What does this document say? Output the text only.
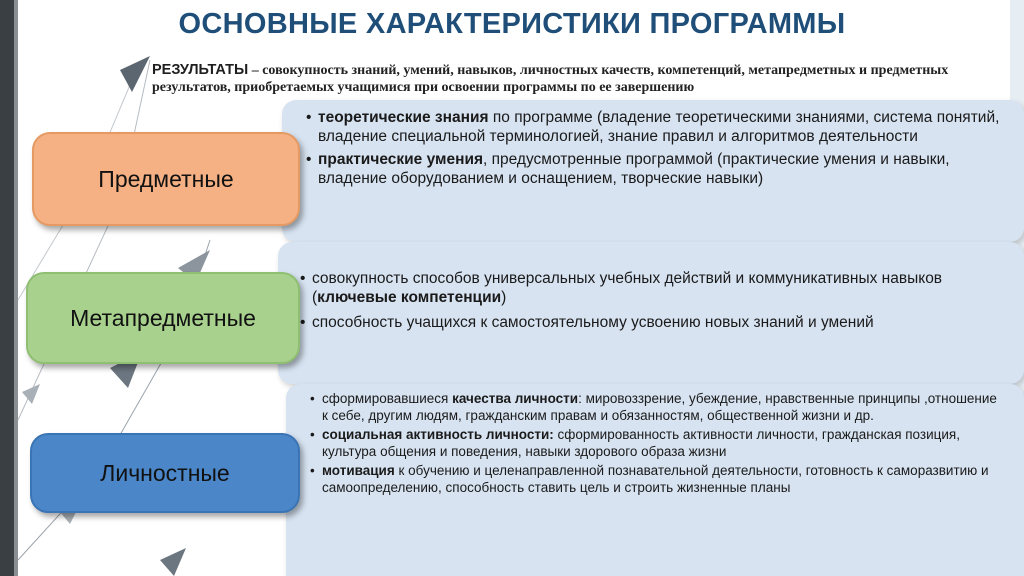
ОСНОВНЫЕ ХАРАКТЕРИСТИКИ ПРОГРАММЫ
РЕЗУЛЬТАТЫ – совокупность знаний, умений, навыков, личностных качеств, компетенций, метапредметных и предметных результатов, приобретаемых учащимися при освоении программы по ее завершению
• теоретические знания по программе (владение теоретическими знаниями, система понятий, владение специальной терминологией, знание правил и алгоритмов деятельности
• практические умения, предусмотренные программой (практические умения и навыки, владение оборудованием и оснащением, творческие навыки)
• совокупность способов универсальных учебных действий и коммуникативных навыков (ключевые компетенции)
• способность учащихся к самостоятельному усвоению новых знаний и умений
• сформировавшиеся качества личности: мировоззрение, убеждение, нравственные принципы ,отношение к себе, другим людям, гражданским правам и обязанностям, общественной жизни и др.
• социальная активность личности: сформированность активности личности, гражданская позиция, культура общения и поведения, навыки здорового образа жизни
• мотивация к обучению и целенаправленной познавательной деятельности, готовность к саморазвитию и самоопределению, способность ставить цель и строить жизненные планы
Предметные
Метапредметные
Личностные
